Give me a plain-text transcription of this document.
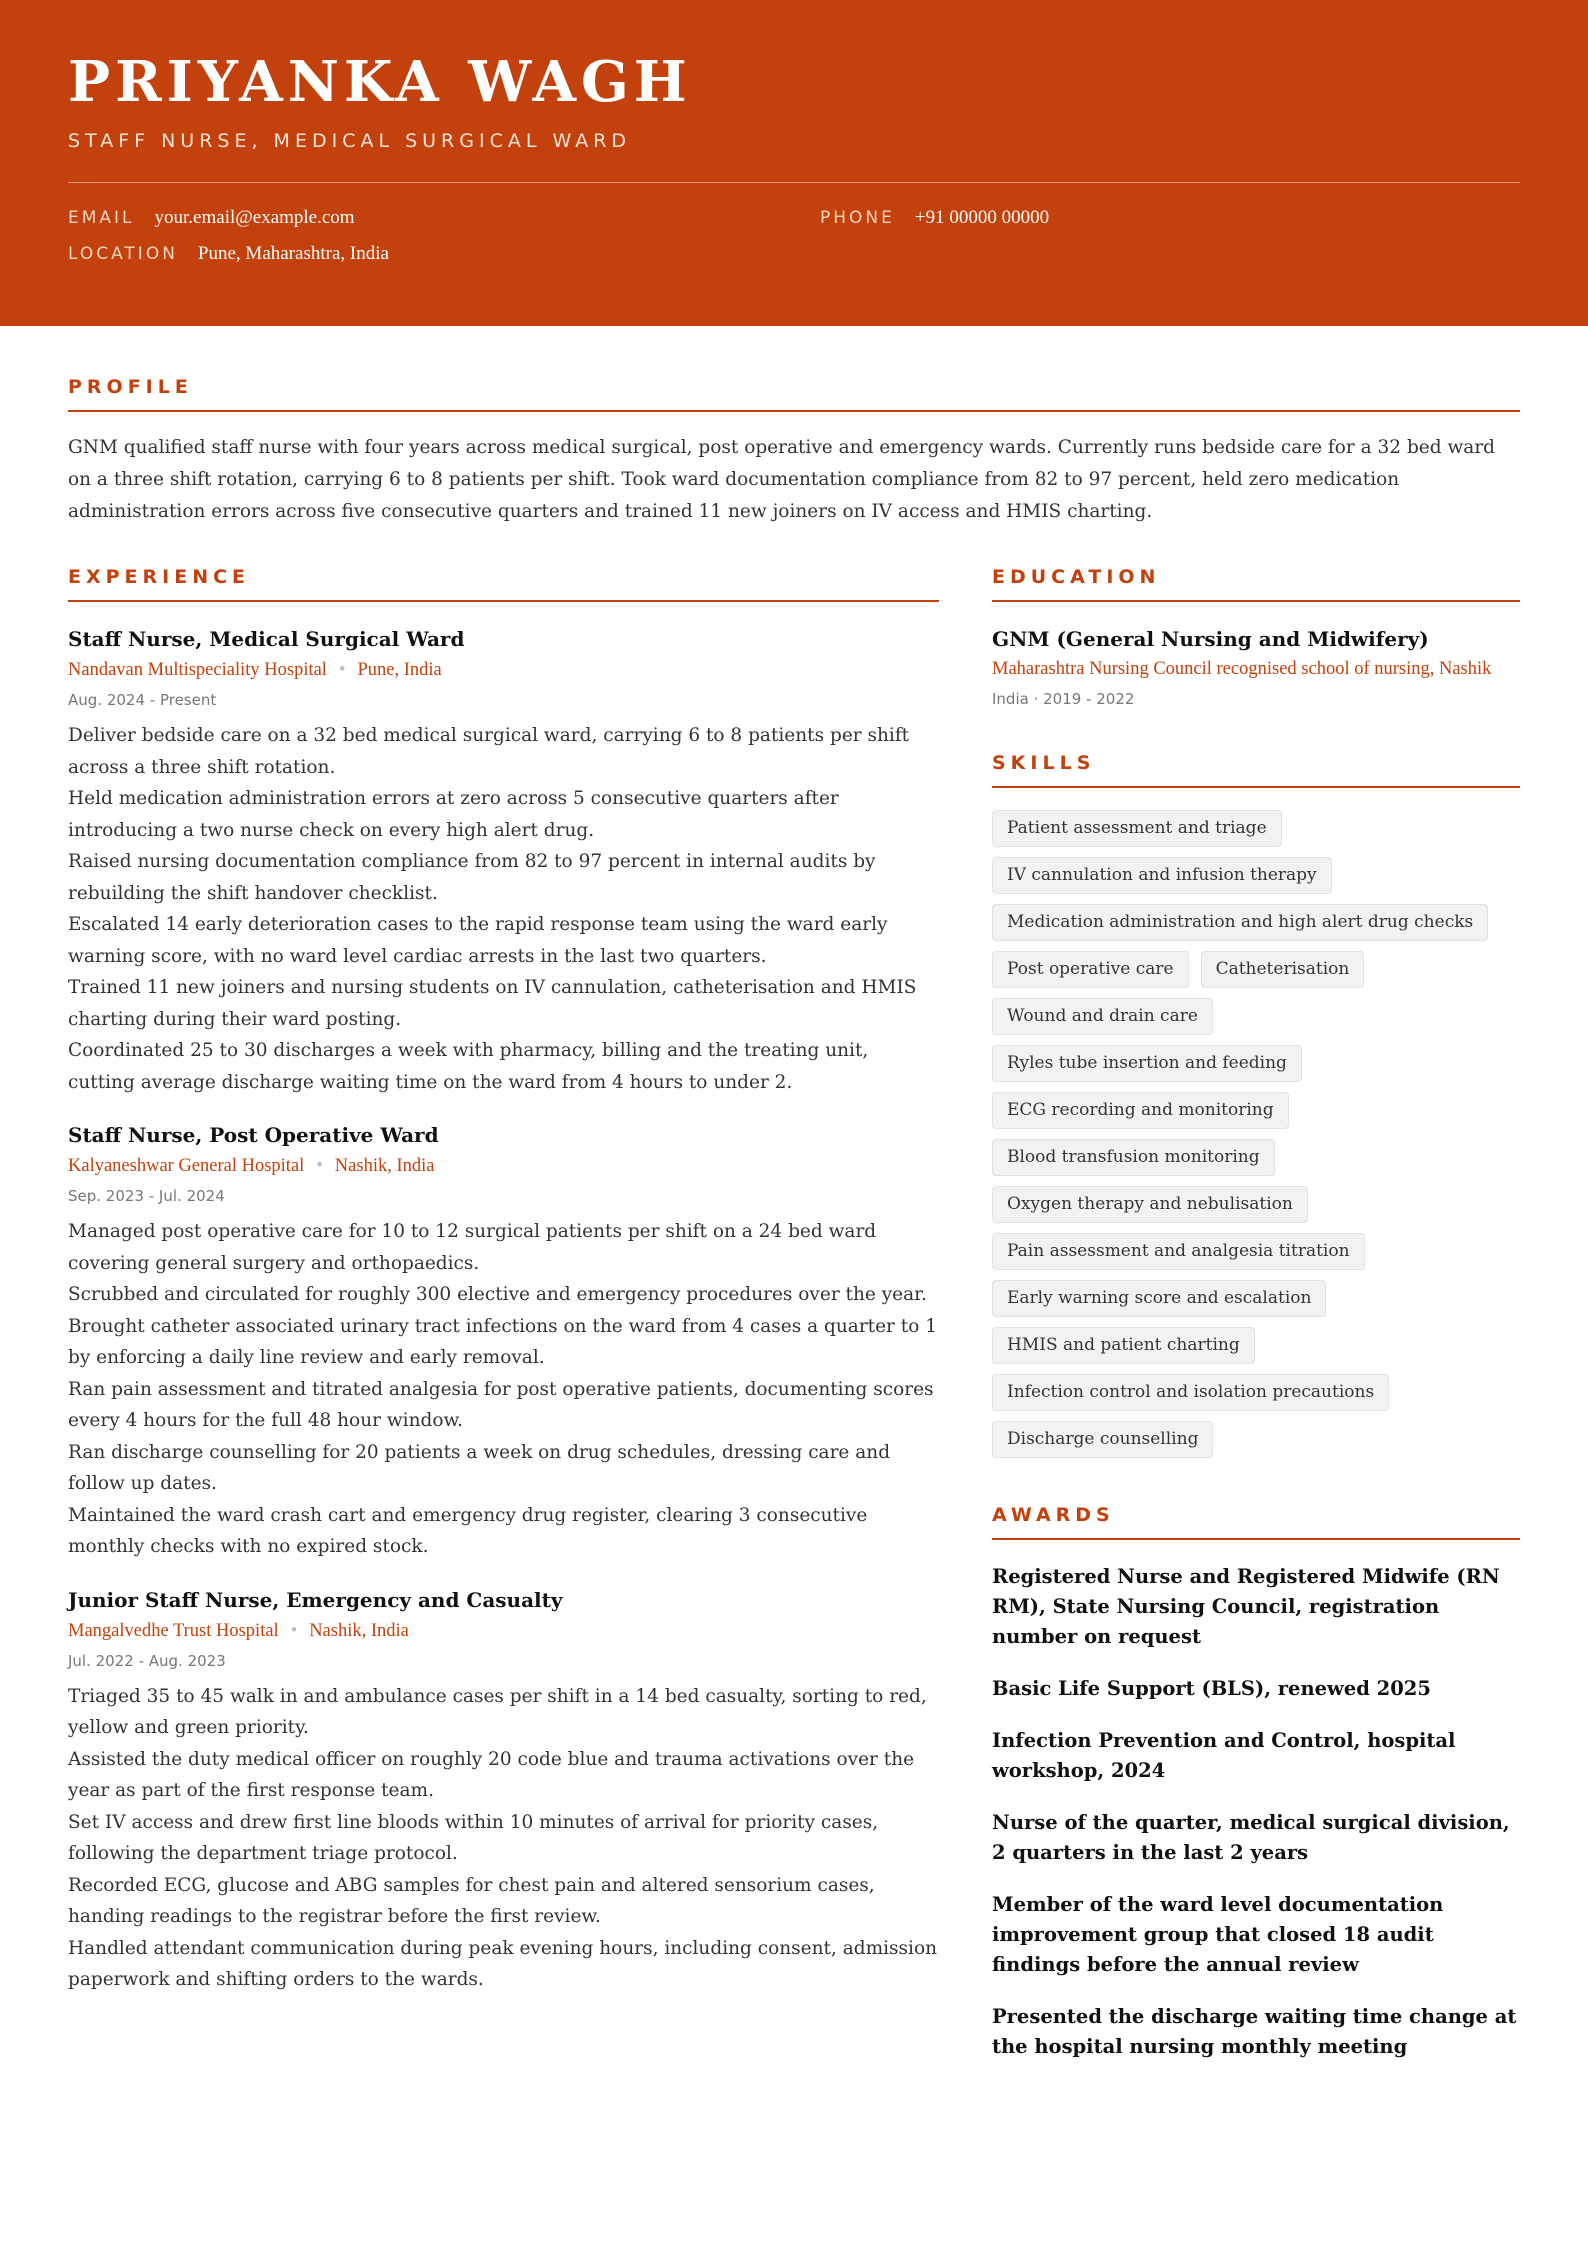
PRIYANKA WAGH
STAFF NURSE, MEDICAL SURGICAL WARD
EMAIL your.email@example.com	PHONE +91 00000 00000
LOCATION Pune, Maharashtra, India
PROFILE
GNM qualified staff nurse with four years across medical surgical, post operative and emergency wards. Currently runs bedside care for a 32 bed ward on a three shift rotation, carrying 6 to 8 patients per shift. Took ward documentation compliance from 82 to 97 percent, held zero medication administration errors across five consecutive quarters and trained 11 new joiners on IV access and HMIS charting.
EXPERIENCE
Staff Nurse, Medical Surgical Ward
Nandavan Multispeciality Hospital • Pune, India
Aug. 2024 - Present
Deliver bedside care on a 32 bed medical surgical ward, carrying 6 to 8 patients per shift across a three shift rotation.
Held medication administration errors at zero across 5 consecutive quarters after introducing a two nurse check on every high alert drug.
Raised nursing documentation compliance from 82 to 97 percent in internal audits by rebuilding the shift handover checklist.
Escalated 14 early deterioration cases to the rapid response team using the ward early warning score, with no ward level cardiac arrests in the last two quarters.
Trained 11 new joiners and nursing students on IV cannulation, catheterisation and HMIS charting during their ward posting.
Coordinated 25 to 30 discharges a week with pharmacy, billing and the treating unit, cutting average discharge waiting time on the ward from 4 hours to under 2.
Staff Nurse, Post Operative Ward
Kalyaneshwar General Hospital • Nashik, India
Sep. 2023 - Jul. 2024
Managed post operative care for 10 to 12 surgical patients per shift on a 24 bed ward covering general surgery and orthopaedics.
Scrubbed and circulated for roughly 300 elective and emergency procedures over the year.
Brought catheter associated urinary tract infections on the ward from 4 cases a quarter to 1 by enforcing a daily line review and early removal.
Ran pain assessment and titrated analgesia for post operative patients, documenting scores every 4 hours for the full 48 hour window.
Ran discharge counselling for 20 patients a week on drug schedules, dressing care and follow up dates.
Maintained the ward crash cart and emergency drug register, clearing 3 consecutive monthly checks with no expired stock.
Junior Staff Nurse, Emergency and Casualty
Mangalvedhe Trust Hospital • Nashik, India
Jul. 2022 - Aug. 2023
Triaged 35 to 45 walk in and ambulance cases per shift in a 14 bed casualty, sorting to red, yellow and green priority.
Assisted the duty medical officer on roughly 20 code blue and trauma activations over the year as part of the first response team.
Set IV access and drew first line bloods within 10 minutes of arrival for priority cases, following the department triage protocol.
Recorded ECG, glucose and ABG samples for chest pain and altered sensorium cases, handing readings to the registrar before the first review.
Handled attendant communication during peak evening hours, including consent, admission paperwork and shifting orders to the wards.
EDUCATION
GNM (General Nursing and Midwifery)
Maharashtra Nursing Council recognised school of nursing, Nashik
India · 2019 - 2022
SKILLS
Patient assessment and triage
IV cannulation and infusion therapy
Medication administration and high alert drug checks
Post operative care	Catheterisation
Wound and drain care
Ryles tube insertion and feeding
ECG recording and monitoring
Blood transfusion monitoring
Oxygen therapy and nebulisation
Pain assessment and analgesia titration
Early warning score and escalation
HMIS and patient charting
Infection control and isolation precautions
Discharge counselling
AWARDS
Registered Nurse and Registered Midwife (RN RM), State Nursing Council, registration number on request
Basic Life Support (BLS), renewed 2025
Infection Prevention and Control, hospital workshop, 2024
Nurse of the quarter, medical surgical division, 2 quarters in the last 2 years
Member of the ward level documentation improvement group that closed 18 audit findings before the annual review
Presented the discharge waiting time change at the hospital nursing monthly meeting
